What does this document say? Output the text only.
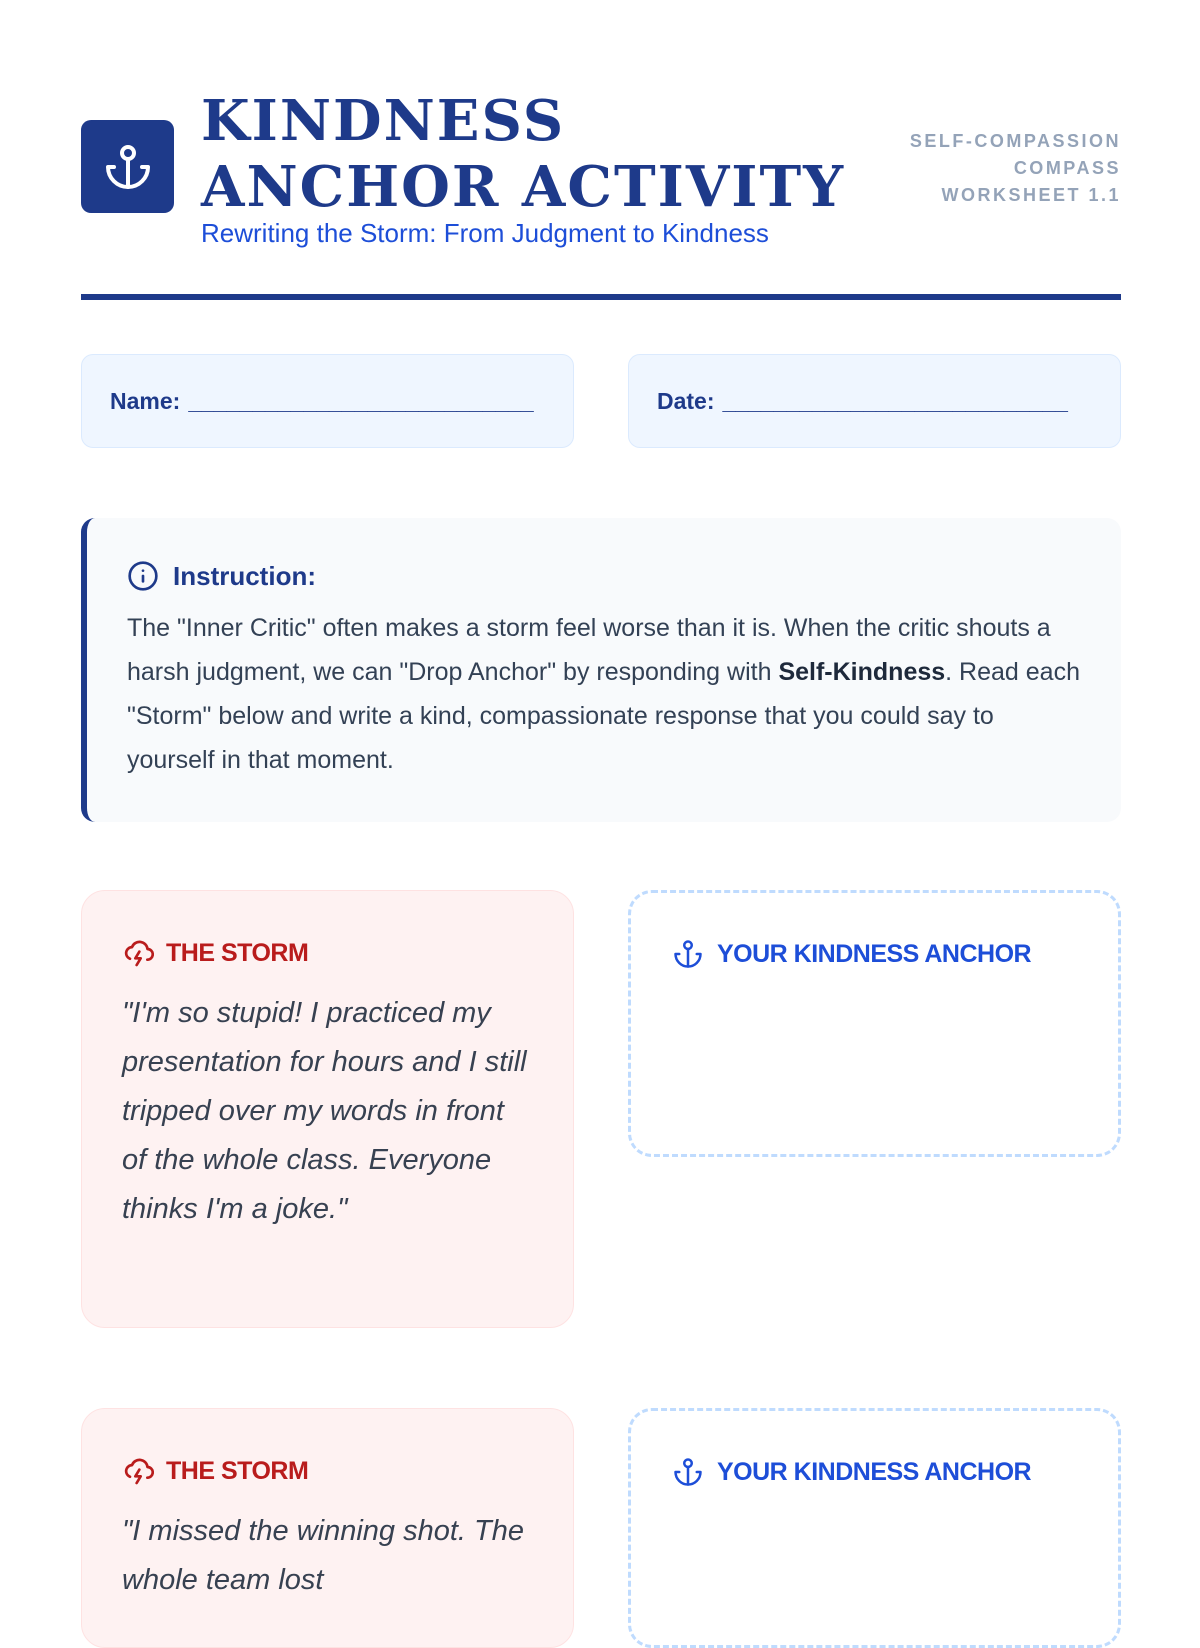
KINDNESS ANCHOR ACTIVITY
Rewriting the Storm: From Judgment to Kindness
SELF-COMPASSION
COMPASS
WORKSHEET 1.1
Name: ___________________________	Date: ___________________________
Instruction:
The "Inner Critic" often makes a storm feel worse than it is. When the critic shouts a harsh judgment, we can "Drop Anchor" by responding with Self-Kindness. Read each "Storm" below and write a kind, compassionate response that you could say to yourself in that moment.
THE STORM
"I'm so stupid! I practiced my presentation for hours and I still tripped over my words in front of the whole class. Everyone thinks I'm a joke."
YOUR KINDNESS ANCHOR
THE STORM
"I missed the winning shot. The whole team lost
YOUR KINDNESS ANCHOR
